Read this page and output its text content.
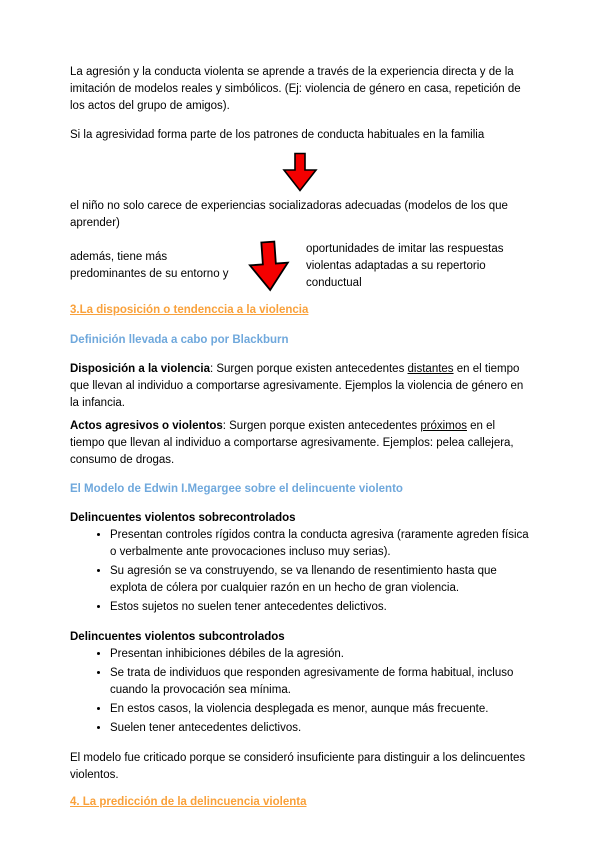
La agresión y la conducta violenta se aprende a través de la experiencia directa y de la imitación de modelos reales y simbólicos. (Ej: violencia de género en casa, repetición de los actos del grupo de amigos).

Si la agresividad forma parte de los patrones de conducta habituales en la familia

el niño no solo carece de experiencias socializadoras adecuadas (modelos de los que aprender)

además, tiene más predominantes de su entorno y

oportunidades de imitar las respuestas violentas adaptadas a su repertorio conductual

3.La disposición o tendenccia a la violencia
Definición llevada a cabo por Blackburn

Disposición a la violencia: Surgen porque existen antecedentes distantes en el tiempo que llevan al individuo a comportarse agresivamente. Ejemplos la violencia de género en la infancia.

Actos agresivos o violentos: Surgen porque existen antecedentes próximos en el tiempo que llevan al individuo a comportarse agresivamente. Ejemplos: pelea callejera, consumo de drogas.

El Modelo de Edwin I.Megargee sobre el delincuente violento

Delincuentes violentos sobrecontrolados

• Presentan controles rígidos contra la conducta agresiva (raramente agreden física o verbalmente ante provocaciones incluso muy serias).
• Su agresión se va construyendo, se va llenando de resentimiento hasta que explota de cólera por cualquier razón en un hecho de gran violencia.
• Estos sujetos no suelen tener antecedentes delictivos.

Delincuentes violentos subcontrolados

• Presentan inhibiciones débiles de la agresión.
• Se trata de individuos que responden agresivamente de forma habitual, incluso cuando la provocación sea mínima.
• En estos casos, la violencia desplegada es menor, aunque más frecuente.
• Suelen tener antecedentes delictivos.

El modelo fue criticado porque se consideró insuficiente para distinguir a los delincuentes violentos.

4. La predicción de la delincuencia violenta
